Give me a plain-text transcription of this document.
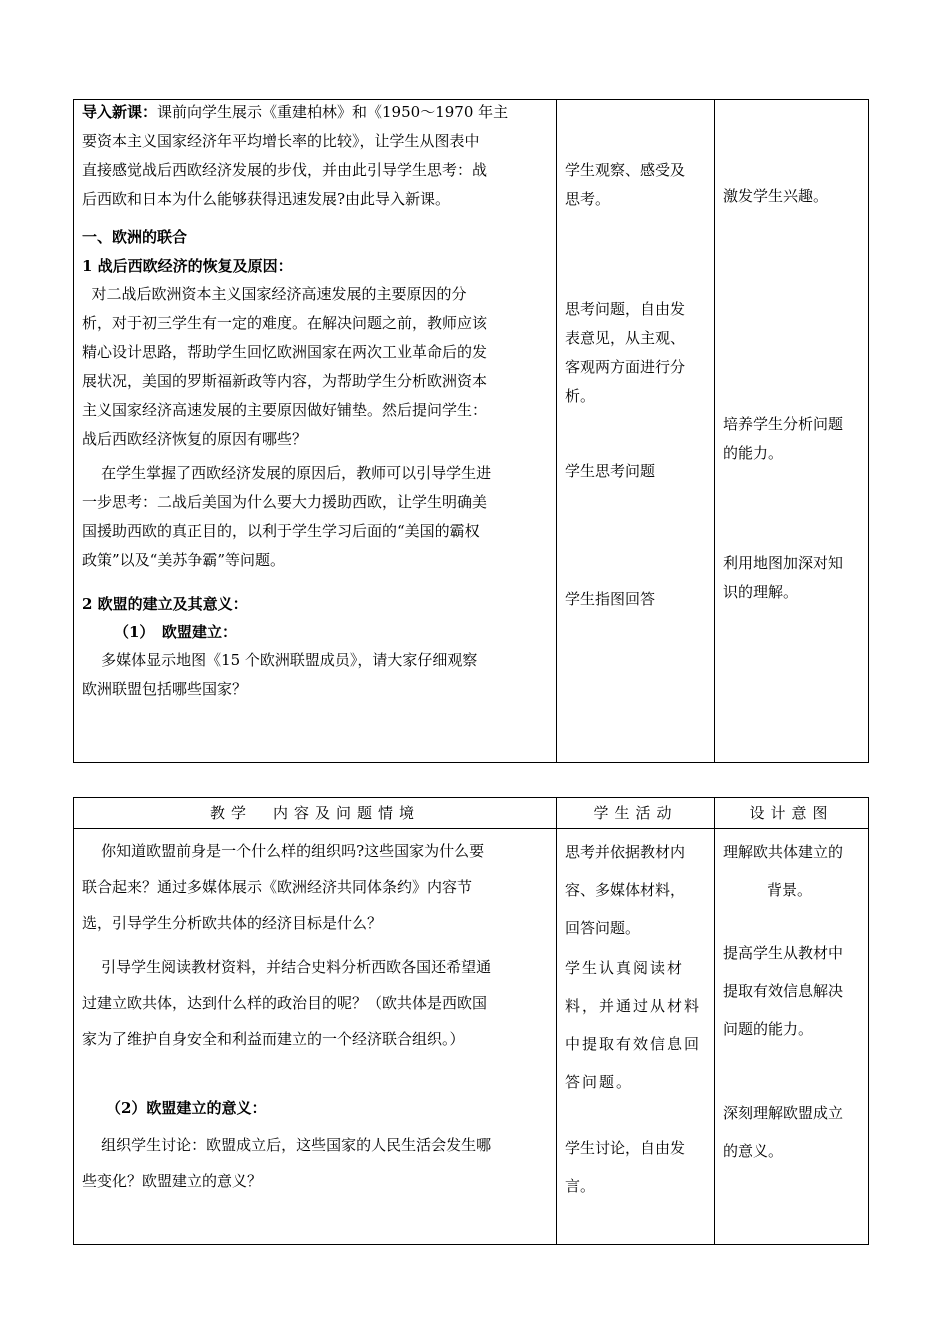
导入新课：课前向学生展示《重建柏林》和《1950～1970 年主
要资本主义国家经济年平均增长率的比较》，让学生从图表中
直接感觉战后西欧经济发展的步伐，并由此引导学生思考：战
后西欧和日本为什么能够获得迅速发展?由此导入新课。
一、欧洲的联合
1 战后西欧经济的恢复及原因：
对二战后欧洲资本主义国家经济高速发展的主要原因的分
析，对于初三学生有一定的难度。在解决问题之前，教师应该
精心设计思路，帮助学生回忆欧洲国家在两次工业革命后的发
展状况，美国的罗斯福新政等内容，为帮助学生分析欧洲资本
主义国家经济高速发展的主要原因做好铺垫。然后提问学生：
战后西欧经济恢复的原因有哪些？
在学生掌握了西欧经济发展的原因后，教师可以引导学生进
一步思考：二战后美国为什么要大力援助西欧，让学生明确美
国援助西欧的真正目的，以利于学生学习后面的“美国的霸权
政策”以及“美苏争霸”等问题。
2 欧盟的建立及其意义：
（1）　欧盟建立：
多媒体显示地图《15 个欧洲联盟成员》，请大家仔细观察
欧洲联盟包括哪些国家？
学生观察、感受及
思考。
思考问题，自由发
表意见，从主观、
客观两方面进行分
析。
学生思考问题
学生指图回答
激发学生兴趣。
培养学生分析问题
的能力。
利用地图加深对知
识的理解。
教学　内容及问题情境	学生活动	设计意图
你知道欧盟前身是一个什么样的组织吗?这些国家为什么要
联合起来？通过多媒体展示《欧洲经济共同体条约》内容节
选，引导学生分析欧共体的经济目标是什么？
引导学生阅读教材资料，并结合史料分析西欧各国还希望通
过建立欧共体，达到什么样的政治目的呢？（欧共体是西欧国
家为了维护自身安全和利益而建立的一个经济联合组织。）
（2）欧盟建立的意义：
组织学生讨论：欧盟成立后，这些国家的人民生活会发生哪
些变化？欧盟建立的意义？
思考并依据教材内
容、多媒体材料，
回答问题。
学生认真阅读材
料，并通过从材料
中提取有效信息回
答问题。
学生讨论，自由发
言。
理解欧共体建立的
背景。
提高学生从教材中
提取有效信息解决
问题的能力。
深刻理解欧盟成立
的意义。
